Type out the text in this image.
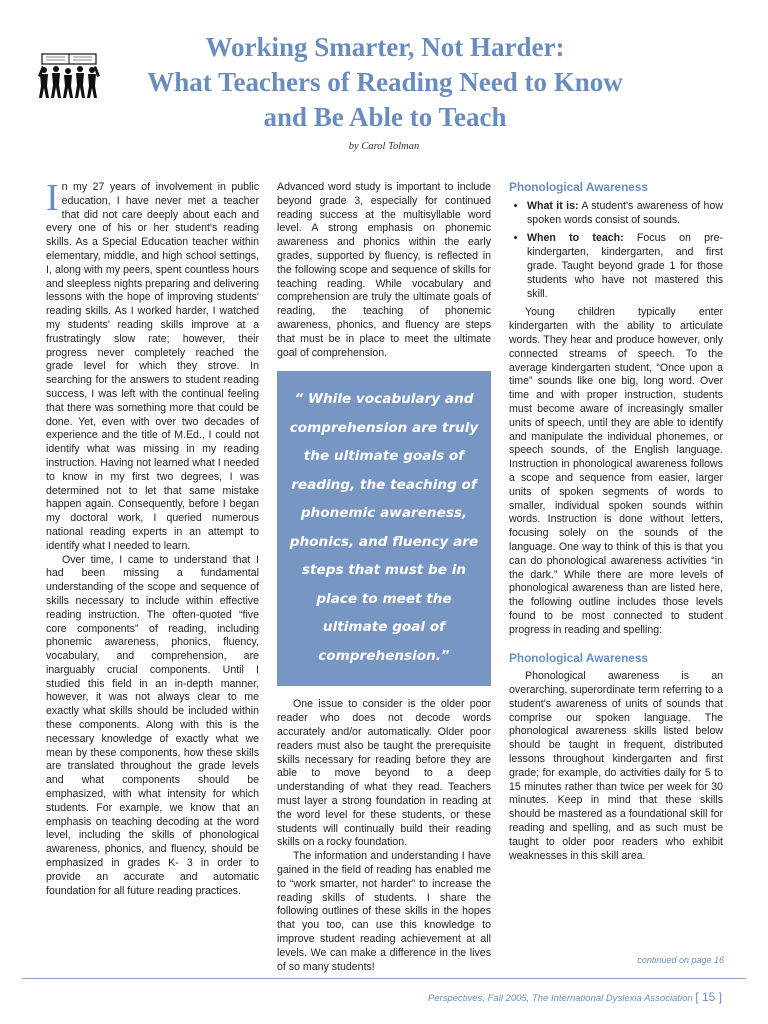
Working Smarter, Not Harder:
What Teachers of Reading Need to Know
and Be Able to Teach
by Carol Tolman

In my 27 years of involvement in public education, I have never met a teacher that did not care deeply about each and every one of his or her student's reading skills. As a Special Education teacher within elementary, middle, and high school settings, I, along with my peers, spent countless hours and sleepless nights preparing and delivering lessons with the hope of improving students' reading skills. As I worked harder, I watched my students' reading skills improve at a frustratingly slow rate; however, their progress never completely reached the grade level for which they strove. In searching for the answers to student reading success, I was left with the continual feeling that there was something more that could be done. Yet, even with over two decades of experience and the title of M.Ed., I could not identify what was missing in my reading instruction. Having not learned what I needed to know in my first two degrees, I was determined not to let that same mistake happen again. Consequently, before I began my doctoral work, I queried numerous national reading experts in an attempt to identify what I needed to learn.

Over time, I came to understand that I had been missing a fundamental understanding of the scope and sequence of skills necessary to include within effective reading instruction. The often-quoted “five core components” of reading, including phonemic awareness, phonics, fluency, vocabulary, and comprehension, are inarguably crucial components. Until I studied this field in an in-depth manner, however, it was not always clear to me exactly what skills should be included within these components. Along with this is the necessary knowledge of exactly what we mean by these components, how these skills are translated throughout the grade levels and what components should be emphasized, with what intensity for which students. For example, we know that an emphasis on teaching decoding at the word level, including the skills of phonological awareness, phonics, and fluency, should be emphasized in grades K- 3 in order to provide an accurate and automatic foundation for all future reading practices.

Advanced word study is important to include beyond grade 3, especially for continued reading success at the multisyllable word level. A strong emphasis on phonemic awareness and phonics within the early grades, supported by fluency, is reflected in the following scope and sequence of skills for teaching reading. While vocabulary and comprehension are truly the ultimate goals of reading, the teaching of phonemic awareness, phonics, and fluency are steps that must be in place to meet the ultimate goal of comprehension.

“ While vocabulary and comprehension are truly the ultimate goals of reading, the teaching of phonemic awareness, phonics, and fluency are steps that must be in place to meet the ultimate goal of comprehension.”

One issue to consider is the older poor reader who does not decode words accurately and/or automatically. Older poor readers must also be taught the prerequisite skills necessary for reading before they are able to move beyond to a deep understanding of what they read. Teachers must layer a strong foundation in reading at the word level for these students, or these students will continually build their reading skills on a rocky foundation.

The information and understanding I have gained in the field of reading has enabled me to “work smarter, not harder” to increase the reading skills of students. I share the following outlines of these skills in the hopes that you too, can use this knowledge to improve student reading achievement at all levels. We can make a difference in the lives of so many students!

Phonological Awareness
• What it is: A student's awareness of how spoken words consist of sounds.
• When to teach: Focus on pre-kindergarten, kindergarten, and first grade. Taught beyond grade 1 for those students who have not mastered this skill.

Young children typically enter kindergarten with the ability to articulate words. They hear and produce however, only connected streams of speech. To the average kindergarten student, “Once upon a time” sounds like one big, long word. Over time and with proper instruction, students must become aware of increasingly smaller units of speech, until they are able to identify and manipulate the individual phonemes, or speech sounds, of the English language. Instruction in phonological awareness follows a scope and sequence from easier, larger units of spoken segments of words to smaller, individual spoken sounds within words. Instruction is done without letters, focusing solely on the sounds of the language. One way to think of this is that you can do phonological awareness activities “in the dark.” While there are more levels of phonological awareness than are listed here, the following outline includes those levels found to be most connected to student progress in reading and spelling:

Phonological Awareness

Phonological awareness is an overarching, superordinate term referring to a student's awareness of units of sounds that comprise our spoken language. The phonological awareness skills listed below should be taught in frequent, distributed lessons throughout kindergarten and first grade; for example, do activities daily for 5 to 15 minutes rather than twice per week for 30 minutes. Keep in mind that these skills should be mastered as a foundational skill for reading and spelling, and as such must be taught to older poor readers who exhibit weaknesses in this skill area.

continued on page 16
Perspectives, Fall 2005, The International Dyslexia Association [ 15 ]
